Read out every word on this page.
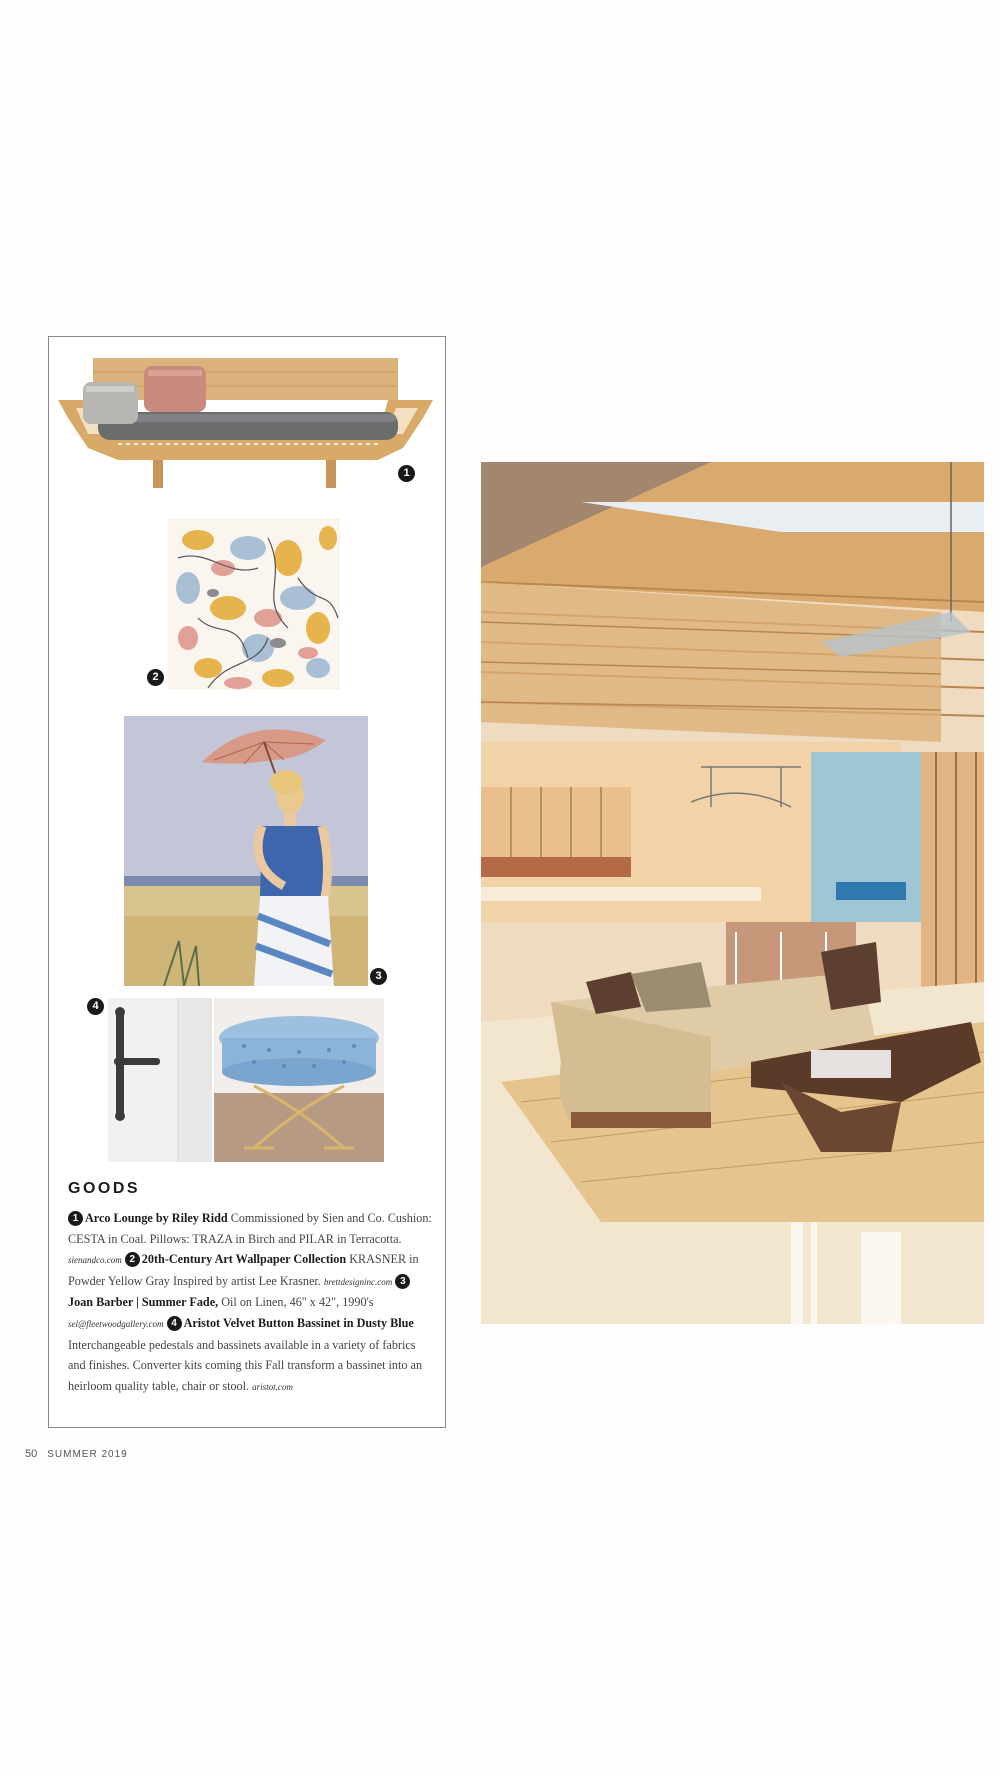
1
2
3
4
GOODS
1 Arco Lounge by Riley Ridd Commissioned by Sien and Co. Cushion: CESTA in Coal. Pillows: TRAZA in Birch and PILAR in Terracotta. sienandco.com 2 20th-Century Art Wallpaper Collection KRASNER in Powder Yellow Gray Inspired by artist Lee Krasner. brettdesigninc.com 3Joan Barber | Summer Fade, Oil on Linen, 46" x 42", 1990's sel@fleetwoodgallery.com 4 Aristot Velvet Button Bassinet in Dusty Blue Interchangeable pedestals and bassinets available in a variety of fabrics and finishes. Converter kits coming this Fall transform a bassinet into an heirloom quality table, chair or stool. aristot.com
50 SUMMER 2019
